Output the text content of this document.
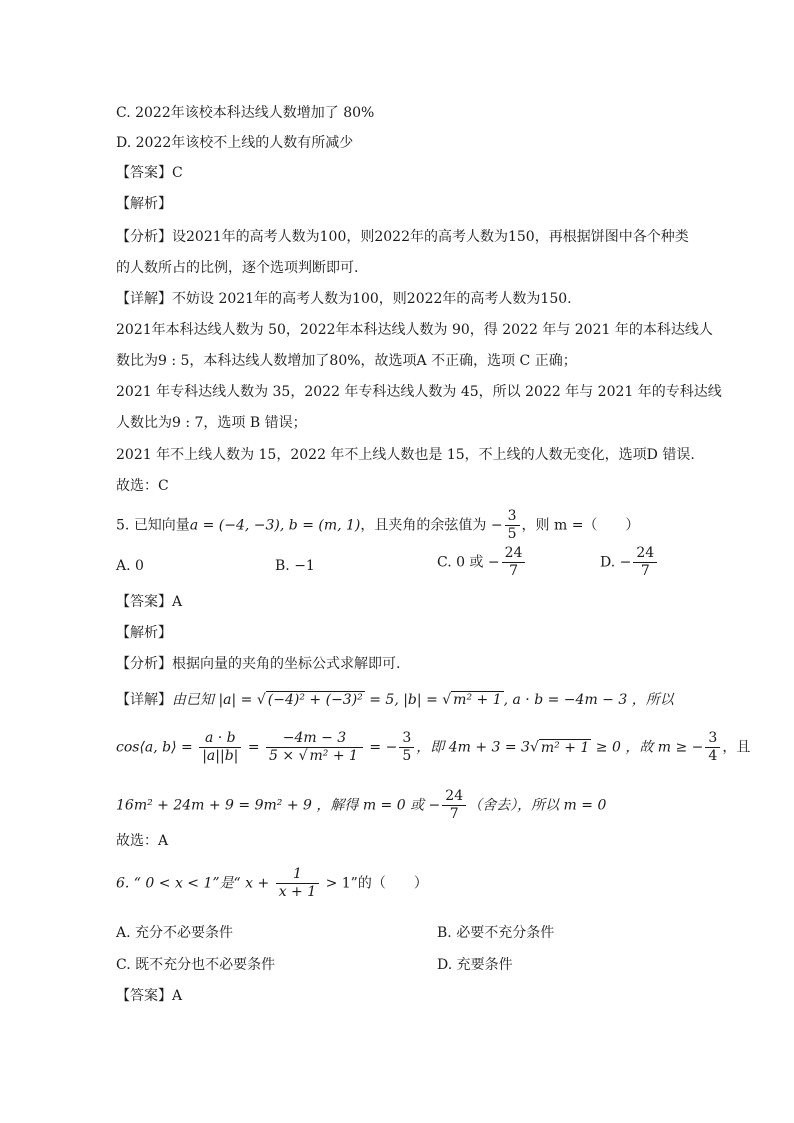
C. 2022年该校本科达线人数增加了 80%
D. 2022年该校不上线的人数有所减少
【答案】C
【解析】
【分析】设2021年的高考人数为100，则2022年的高考人数为150，再根据饼图中各个种类
的人数所占的比例，逐个选项判断即可.
【详解】不妨设 2021年的高考人数为100，则2022年的高考人数为150.
2021年本科达线人数为 50，2022年本科达线人数为 90，得 2022 年与 2021 年的本科达线人
数比为9 : 5，本科达线人数增加了80%，故选项A 不正确，选项 C 正确；
2021 年专科达线人数为 35，2022 年专科达线人数为 45，所以 2022 年与 2021 年的专科达线
人数比为9 : 7，选项 B 错误；
2021 年不上线人数为 15，2022 年不上线人数也是 15，不上线的人数无变化，选项D 错误.
故选：C
5. 已知向量a = (−4, −3), b = (m, 1)，且夹角的余弦值为 − $\frac{3}{5}$ ，则 m =（　　）
A. 0	B. −1	C. 0 或 − $\frac{24}{7}$	D. − $\frac{24}{7}$
【答案】A
【解析】
【分析】根据向量的夹角的坐标公式求解即可.
【详解】由已知 |a| = √ (−4)² + (−3)² = 5, |b| = √ m² + 1 , a · b = −4m − 3 ，所以
cos⟨a, b⟩ = $\frac{a \cdot b}{|a||b|} = \frac{-4m - 3}{\text{5 × √ m² + 1}}$ = − $\frac{3}{5}$ ，即 4m + 3 = 3√ m² + 1 ≥ 0 ，故 m ≥ − $\frac{3}{4}$ ，且
16m² + 24m + 9 = 9m² + 9 ，解得 m = 0 或 − $\frac{24}{7}$ （舍去），所以 m = 0
故选：A
6. “ 0 < x < 1”是“ $x + \frac{1}{x + 1} > 1$”的（　　）
A. 充分不必要条件	B. 必要不充分条件
C. 既不充分也不必要条件	D. 充要条件
【答案】A
